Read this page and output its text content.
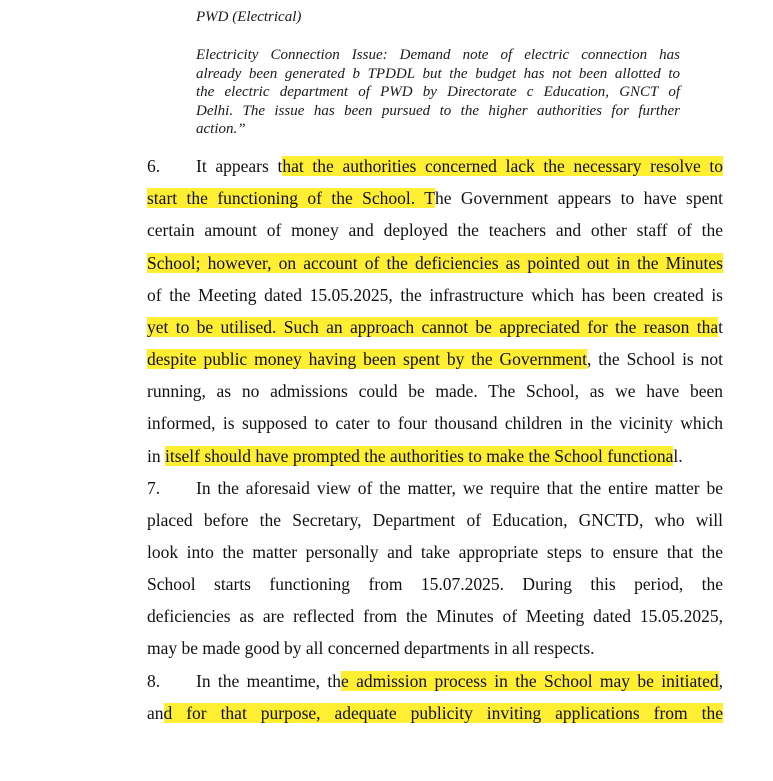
PWD (Electrical)
Electricity Connection Issue: Demand note of electric connection has
already been generated b TPDDL but the budget has not been allotted to
the electric department of PWD by Directorate c Education, GNCT of
Delhi. The issue has been pursued to the higher authorities for further
action.”
6. It appears that the authorities concerned lack the necessary resolve to
start the functioning of the School. The Government appears to have spent
certain amount of money and deployed the teachers and other staff of the
School; however, on account of the deficiencies as pointed out in the Minutes
of the Meeting dated 15.05.2025, the infrastructure which has been created is
yet to be utilised. Such an approach cannot be appreciated for the reason that
despite public money having been spent by the Government, the School is not
running, as no admissions could be made. The School, as we have been
informed, is supposed to cater to four thousand children in the vicinity which
in itself should have prompted the authorities to make the School functional.
7. In the aforesaid view of the matter, we require that the entire matter be
placed before the Secretary, Department of Education, GNCTD, who will
look into the matter personally and take appropriate steps to ensure that the
School starts functioning from 15.07.2025. During this period, the
deficiencies as are reflected from the Minutes of Meeting dated 15.05.2025,
may be made good by all concerned departments in all respects.
8. In the meantime, the admission process in the School may be initiated,
and for that purpose, adequate publicity inviting applications from the
